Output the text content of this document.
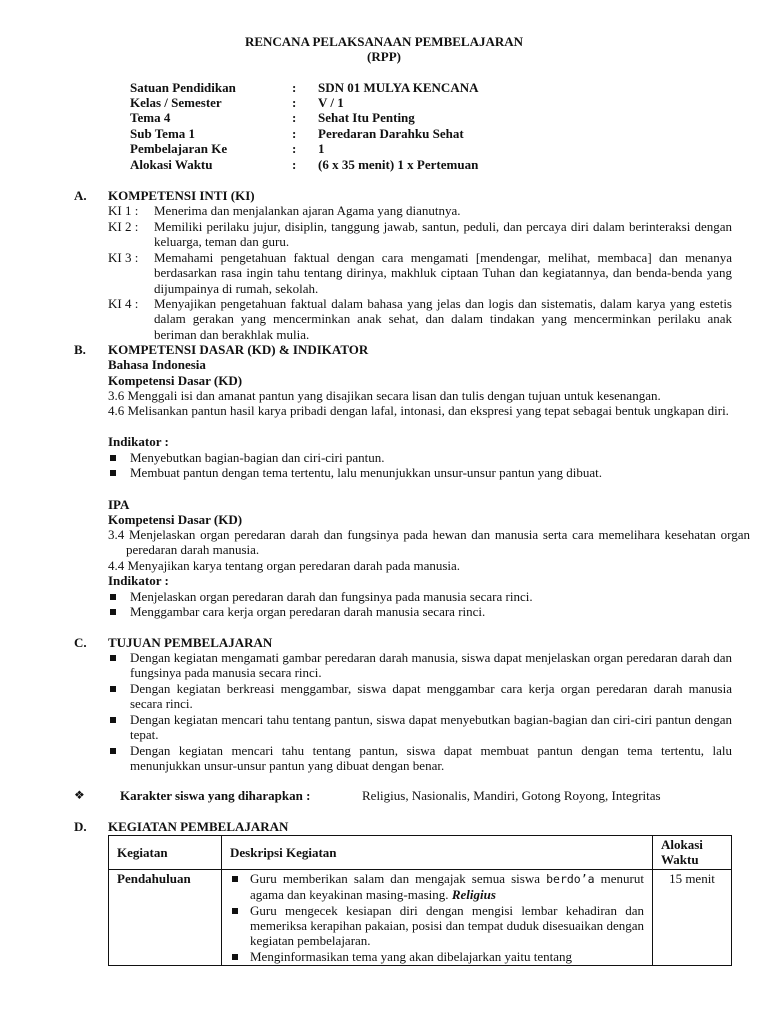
RENCANA PELAKSANAAN PEMBELAJARAN
(RPP)
Satuan Pendidikan	: SDN 01 MULYA KENCANA
Kelas / Semester	: V / 1
Tema 4	: Sehat Itu Penting
Sub Tema 1	: Peredaran Darahku Sehat
Pembelajaran Ke	: 1
Alokasi Waktu	: (6 x 35 menit) 1 x Pertemuan
A. KOMPETENSI INTI (KI)
KI 1 : Menerima dan menjalankan ajaran Agama yang dianutnya.
KI 2 : Memiliki perilaku jujur, disiplin, tanggung jawab, santun, peduli, dan percaya diri dalam berinteraksi dengan keluarga, teman dan guru.
KI 3 : Memahami pengetahuan faktual dengan cara mengamati [mendengar, melihat, membaca] dan menanya berdasarkan rasa ingin tahu tentang dirinya, makhluk ciptaan Tuhan dan kegiatannya, dan benda-benda yang dijumpainya di rumah, sekolah.
KI 4 : Menyajikan pengetahuan faktual dalam bahasa yang jelas dan logis dan sistematis, dalam karya yang estetis dalam gerakan yang mencerminkan anak sehat, dan dalam tindakan yang mencerminkan perilaku anak beriman dan berakhlak mulia.
B. KOMPETENSI DASAR (KD) & INDIKATOR
Bahasa Indonesia
Kompetensi Dasar (KD)
3.6 Menggali isi dan amanat pantun yang disajikan secara lisan dan tulis dengan tujuan untuk kesenangan.
4.6 Melisankan pantun hasil karya pribadi dengan lafal, intonasi, dan ekspresi yang tepat sebagai bentuk ungkapan diri.
Indikator :
Menyebutkan bagian-bagian dan ciri-ciri pantun.
Membuat pantun dengan tema tertentu, lalu menunjukkan unsur-unsur pantun yang dibuat.
IPA
Kompetensi Dasar (KD)
3.4 Menjelaskan organ peredaran darah dan fungsinya pada hewan dan manusia serta cara memelihara kesehatan organ peredaran darah manusia.
4.4 Menyajikan karya tentang organ peredaran darah pada manusia.
Indikator :
Menjelaskan organ peredaran darah dan fungsinya pada manusia secara rinci.
Menggambar cara kerja organ peredaran darah manusia secara rinci.
C. TUJUAN PEMBELAJARAN
Dengan kegiatan mengamati gambar peredaran darah manusia, siswa dapat menjelaskan organ peredaran darah dan fungsinya pada manusia secara rinci.
Dengan kegiatan berkreasi menggambar, siswa dapat menggambar cara kerja organ peredaran darah manusia secara rinci.
Dengan kegiatan mencari tahu tentang pantun, siswa dapat menyebutkan bagian-bagian dan ciri-ciri pantun dengan tepat.
Dengan kegiatan mencari tahu tentang pantun, siswa dapat membuat pantun dengan tema tertentu, lalu menunjukkan unsur-unsur pantun yang dibuat dengan benar.
❖	Karakter siswa yang diharapkan :	Religius, Nasionalis, Mandiri, Gotong Royong, Integritas
D. KEGIATAN PEMBELAJARAN
Kegiatan	Deskripsi Kegiatan	Alokasi Waktu
Pendahuluan	Guru memberikan salam dan mengajak semua siswa berdo’a menurut agama dan keyakinan masing-masing. Religius
Guru mengecek kesiapan diri dengan mengisi lembar kehadiran dan memeriksa kerapihan pakaian, posisi dan tempat duduk disesuaikan dengan kegiatan pembelajaran.
Menginformasikan tema yang akan dibelajarkan yaitu tentang	15 menit
